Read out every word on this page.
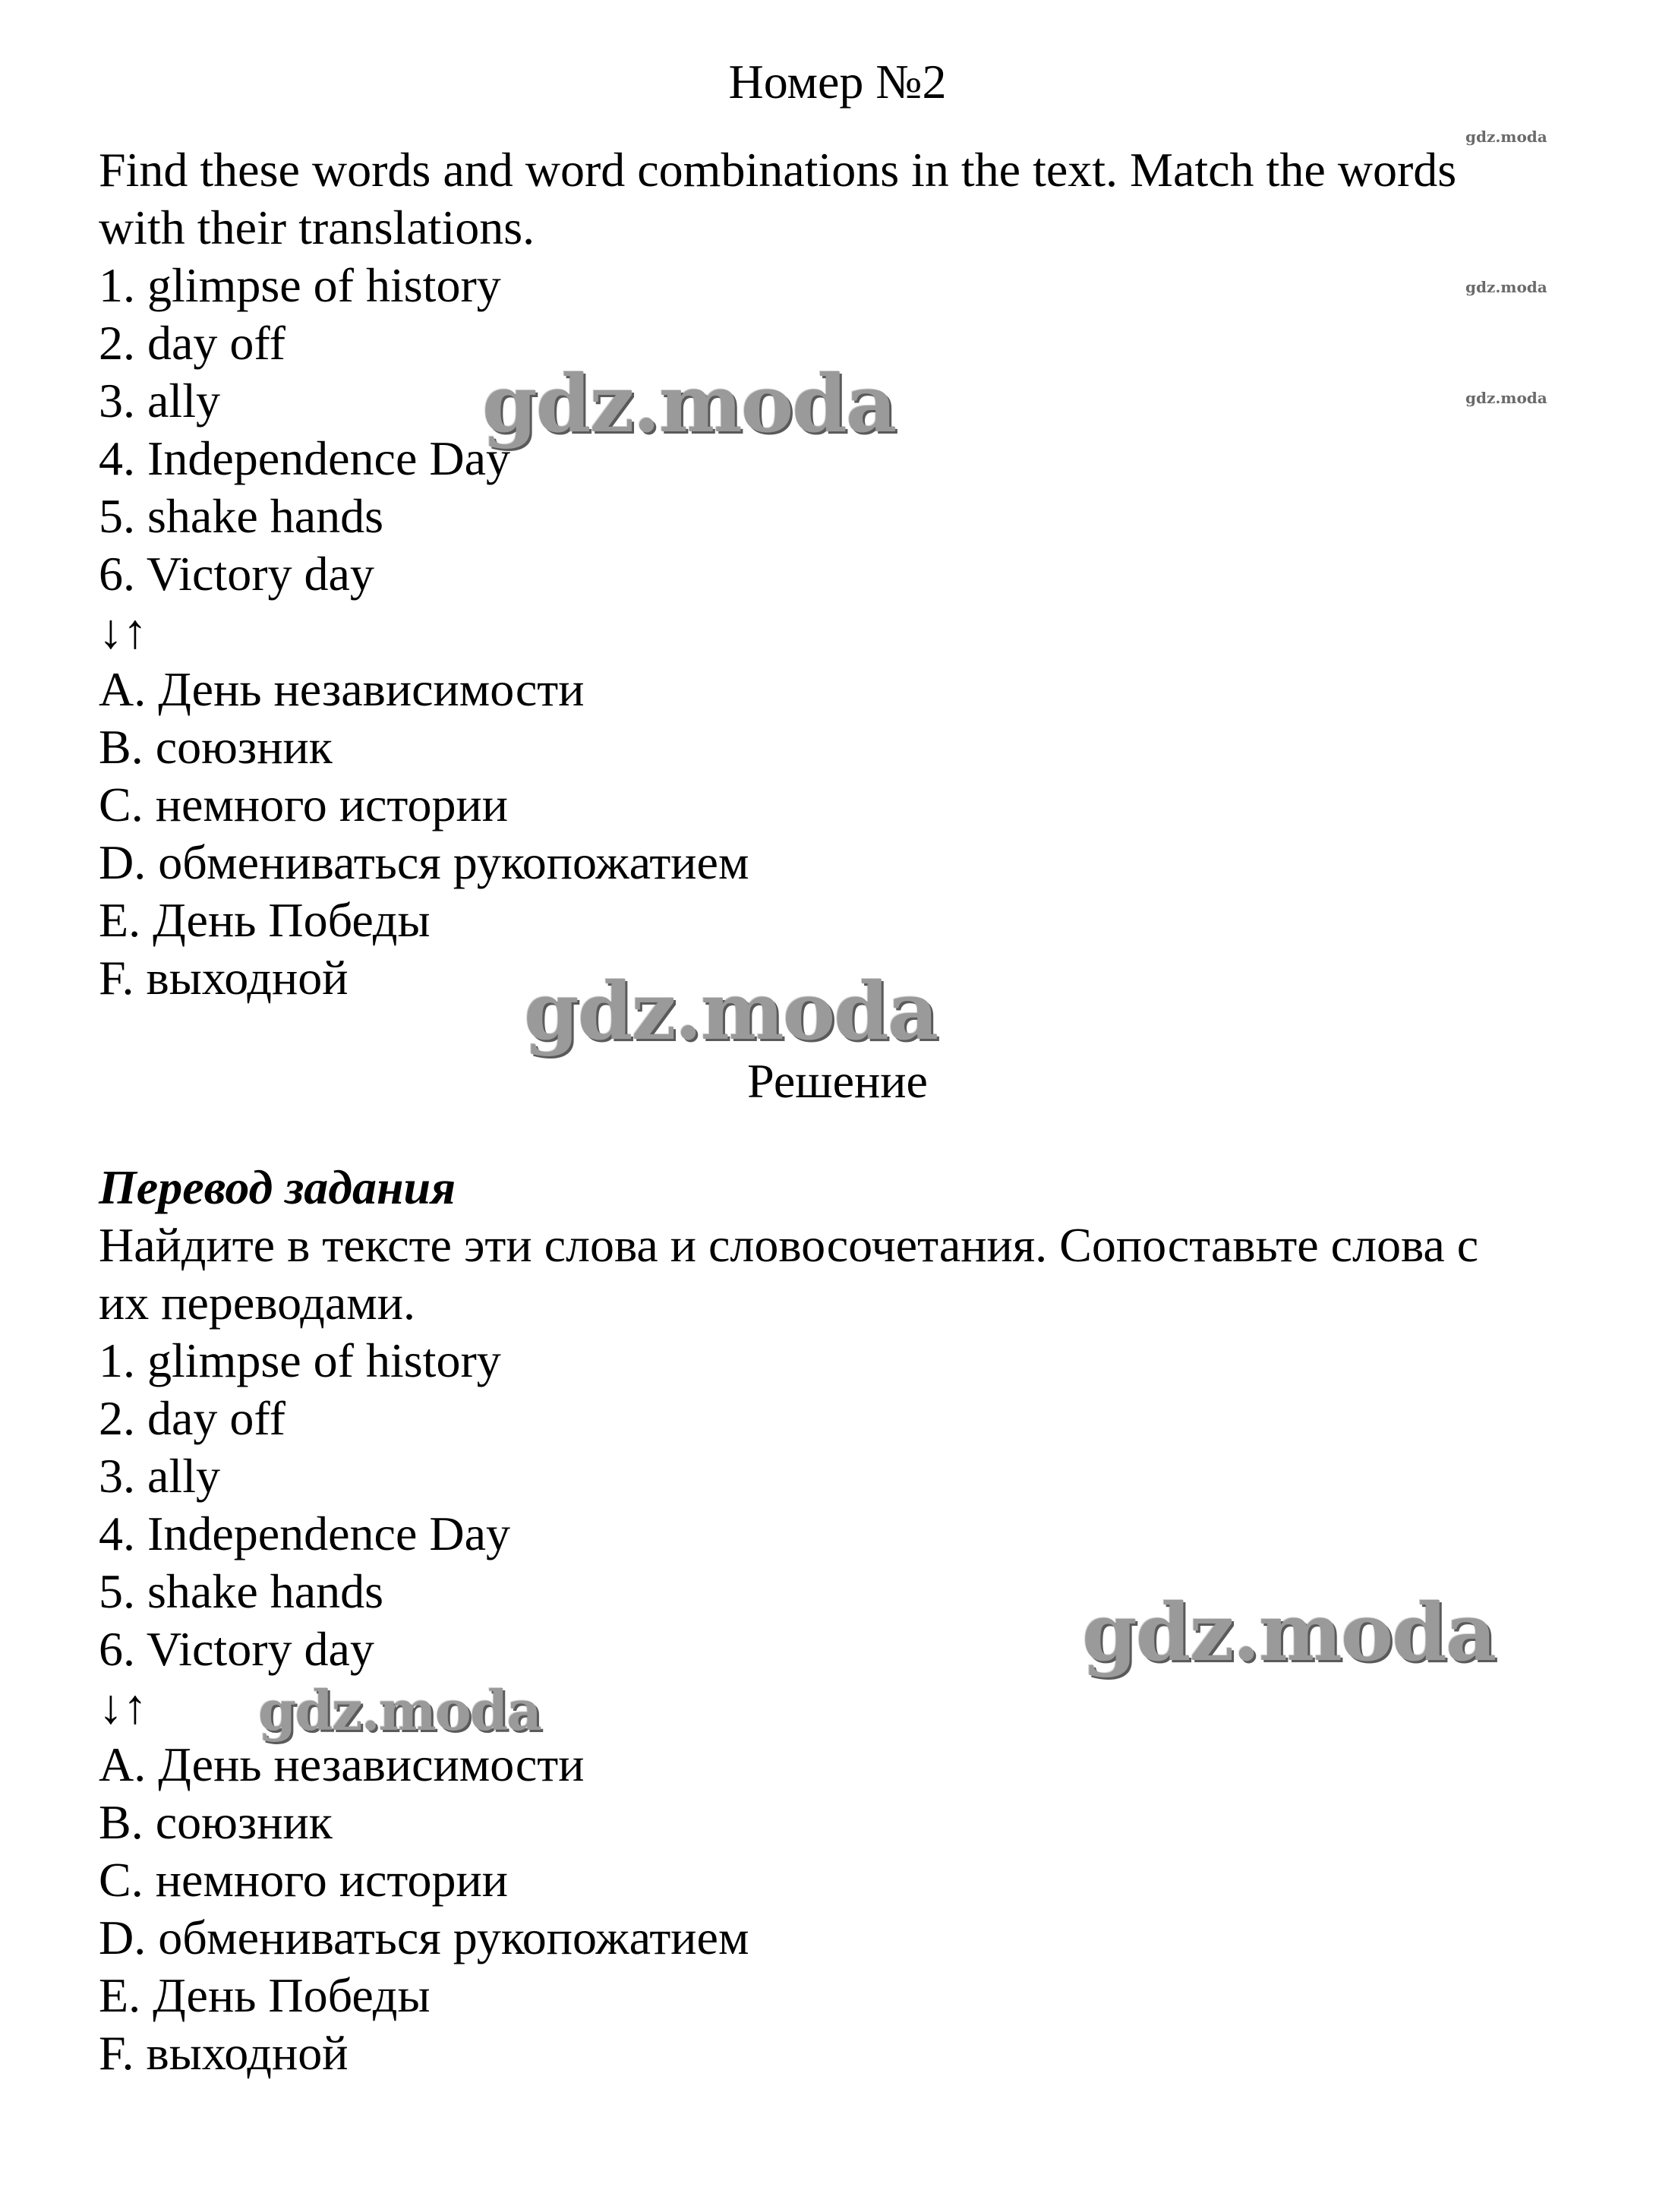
Номер №2
Find these words and word combinations in the text. Match the words
with their translations.
1. glimpse of history
2. day off
3. ally
4. Independence Day
5. shake hands
6. Victory day
↓↑
A. День независимости
B. союзник
C. немного истории
D. обмениваться рукопожатием
E. День Победы
F. выходной
Решение
Перевод задания
Найдите в тексте эти слова и словосочетания. Сопоставьте слова с
их переводами.
1. glimpse of history
2. day off
3. ally
4. Independence Day
5. shake hands
6. Victory day
↓↑
A. День независимости
B. союзник
C. немного истории
D. обмениваться рукопожатием
E. День Победы
F. выходной
gdz.moda
gdz.moda
gdz.moda
gdz.moda
gdz.moda
gdz.moda
gdz.moda
